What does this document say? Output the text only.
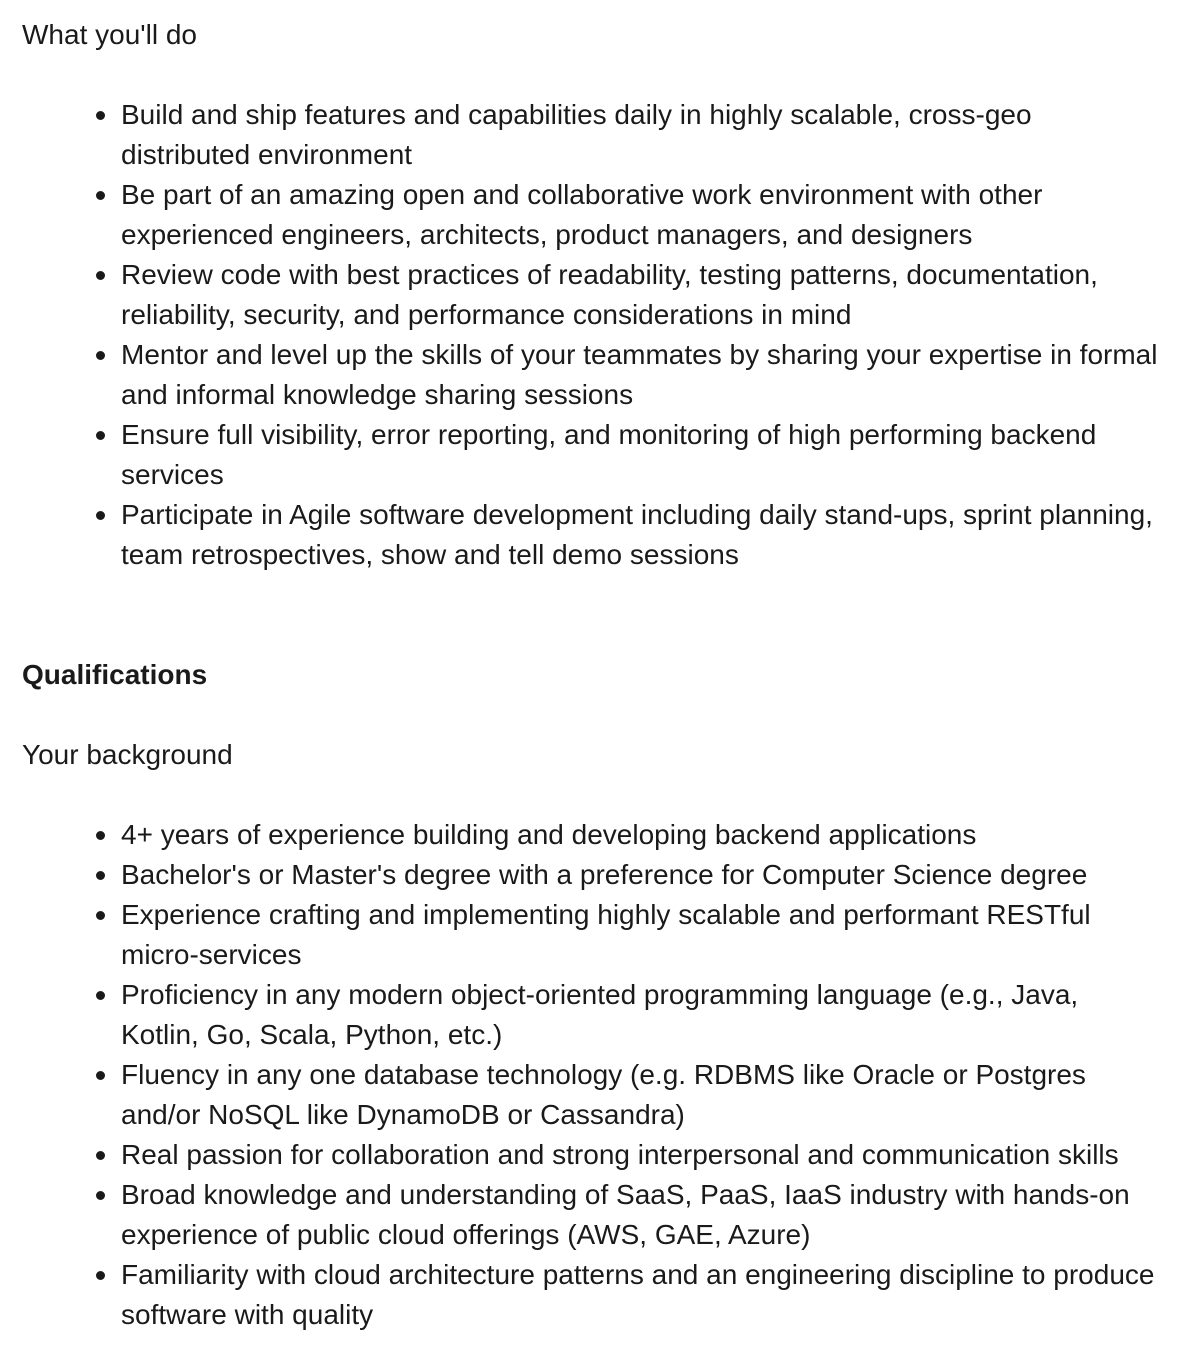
What you'll do

Build and ship features and capabilities daily in highly scalable, cross-geo distributed environment
Be part of an amazing open and collaborative work environment with other experienced engineers, architects, product managers, and designers
Review code with best practices of readability, testing patterns, documentation, reliability, security, and performance considerations in mind
Mentor and level up the skills of your teammates by sharing your expertise in formal and informal knowledge sharing sessions
Ensure full visibility, error reporting, and monitoring of high performing backend services
Participate in Agile software development including daily stand-ups, sprint planning, team retrospectives, show and tell demo sessions
Qualifications

Your background

4+ years of experience building and developing backend applications
Bachelor's or Master's degree with a preference for Computer Science degree
Experience crafting and implementing highly scalable and performant RESTful micro-services
Proficiency in any modern object-oriented programming language (e.g., Java, Kotlin, Go, Scala, Python, etc.)
Fluency in any one database technology (e.g. RDBMS like Oracle or Postgres and/or NoSQL like DynamoDB or Cassandra)
Real passion for collaboration and strong interpersonal and communication skills
Broad knowledge and understanding of SaaS, PaaS, IaaS industry with hands-on experience of public cloud offerings (AWS, GAE, Azure)
Familiarity with cloud architecture patterns and an engineering discipline to produce software with quality
